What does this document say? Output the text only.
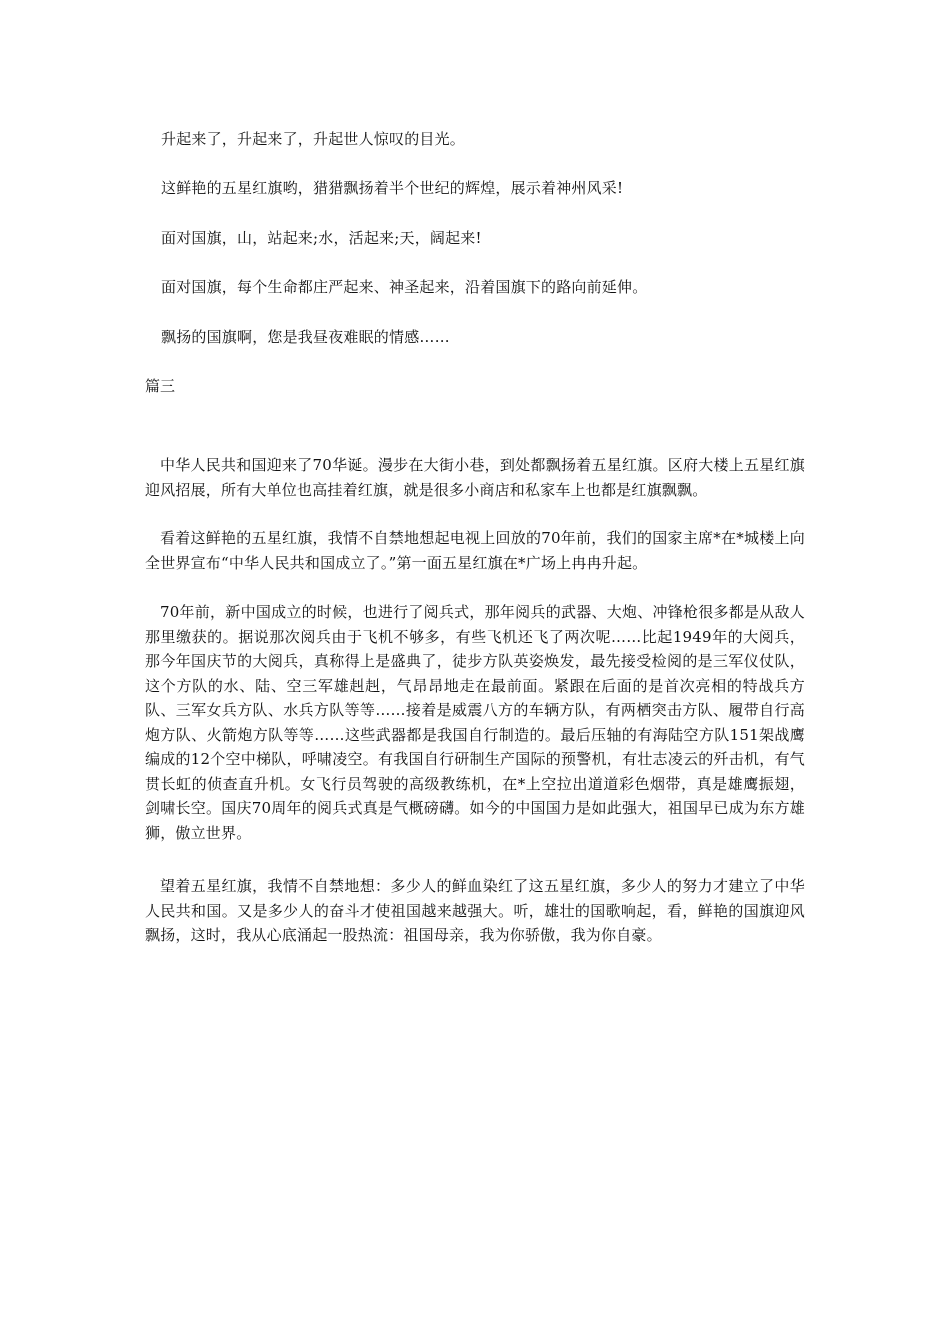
升起来了，升起来了，升起世人惊叹的目光。
这鲜艳的五星红旗哟，猎猎飘扬着半个世纪的辉煌，展示着神州风采!
面对国旗，山，站起来;水，活起来;天，阔起来!
面对国旗，每个生命都庄严起来、神圣起来，沿着国旗下的路向前延伸。
飘扬的国旗啊，您是我昼夜难眠的情感……
篇三
中华人民共和国迎来了70华诞。漫步在大街小巷，到处都飘扬着五星红旗。区府大楼上五星红旗迎风招展，所有大单位也高挂着红旗，就是很多小商店和私家车上也都是红旗飘飘。
看着这鲜艳的五星红旗，我情不自禁地想起电视上回放的70年前，我们的国家主席*在*城楼上向全世界宣布“中华人民共和国成立了。”第一面五星红旗在*广场上冉冉升起。
70年前，新中国成立的时候，也进行了阅兵式，那年阅兵的武器、大炮、冲锋枪很多都是从敌人那里缴获的。据说那次阅兵由于飞机不够多，有些飞机还飞了两次呢……比起1949年的大阅兵，那今年国庆节的大阅兵，真称得上是盛典了，徒步方队英姿焕发，最先接受检阅的是三军仪仗队，这个方队的水、陆、空三军雄赳赳，气昂昂地走在最前面。紧跟在后面的是首次亮相的特战兵方队、三军女兵方队、水兵方队等等……接着是威震八方的车辆方队，有两栖突击方队、履带自行高炮方队、火箭炮方队等等……这些武器都是我国自行制造的。最后压轴的有海陆空方队151架战鹰编成的12个空中梯队，呼啸凌空。有我国自行研制生产国际的预警机，有壮志凌云的歼击机，有气贯长虹的侦查直升机。女飞行员驾驶的高级教练机，在*上空拉出道道彩色烟带，真是雄鹰振翅，剑啸长空。国庆70周年的阅兵式真是气概磅礴。如今的中国国力是如此强大，祖国早已成为东方雄狮，傲立世界。
望着五星红旗，我情不自禁地想：多少人的鲜血染红了这五星红旗，多少人的努力才建立了中华人民共和国。又是多少人的奋斗才使祖国越来越强大。听，雄壮的国歌响起，看，鲜艳的国旗迎风飘扬，这时，我从心底涌起一股热流：祖国母亲，我为你骄傲，我为你自豪。
